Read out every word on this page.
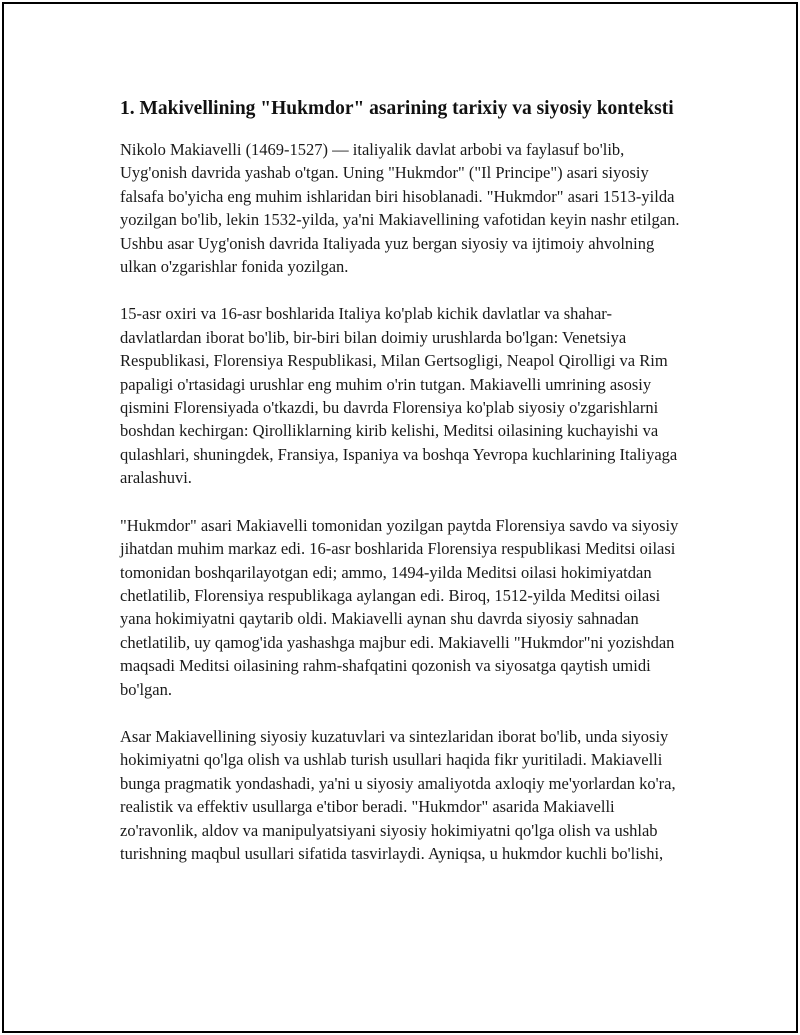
1. Makivellining "Hukmdor" asarining tarixiy va siyosiy konteksti

Nikolo Makiavelli (1469-1527) — italiyalik davlat arbobi va faylasuf bo'lib, Uyg'onish davrida yashab o'tgan. Uning "Hukmdor" ("Il Principe") asari siyosiy falsafa bo'yicha eng muhim ishlaridan biri hisoblanadi. "Hukmdor" asari 1513-yilda yozilgan bo'lib, lekin 1532-yilda, ya'ni Makiavellining vafotidan keyin nashr etilgan. Ushbu asar Uyg'onish davrida Italiyada yuz bergan siyosiy va ijtimoiy ahvolning ulkan o'zgarishlar fonida yozilgan.

15-asr oxiri va 16-asr boshlarida Italiya ko'plab kichik davlatlar va shahar-davlatlardan iborat bo'lib, bir-biri bilan doimiy urushlarda bo'lgan: Venetsiya Respublikasi, Florensiya Respublikasi, Milan Gertsogligi, Neapol Qirolligi va Rim papaligi o'rtasidagi urushlar eng muhim o'rin tutgan. Makiavelli umrining asosiy qismini Florensiyada o'tkazdi, bu davrda Florensiya ko'plab siyosiy o'zgarishlarni boshdan kechirgan: Qirolliklarning kirib kelishi, Meditsi oilasining kuchayishi va qulashlari, shuningdek, Fransiya, Ispaniya va boshqa Yevropa kuchlarining Italiyaga aralashuvi.

"Hukmdor" asari Makiavelli tomonidan yozilgan paytda Florensiya savdo va siyosiy jihatdan muhim markaz edi. 16-asr boshlarida Florensiya respublikasi Meditsi oilasi tomonidan boshqarilayotgan edi; ammo, 1494-yilda Meditsi oilasi hokimiyatdan chetlatilib, Florensiya respublikaga aylangan edi. Biroq, 1512-yilda Meditsi oilasi yana hokimiyatni qaytarib oldi. Makiavelli aynan shu davrda siyosiy sahnadan chetlatilib, uy qamog'ida yashashga majbur edi. Makiavelli "Hukmdor"ni yozishdan maqsadi Meditsi oilasining rahm-shafqatini qozonish va siyosatga qaytish umidi bo'lgan.

Asar Makiavellining siyosiy kuzatuvlari va sintezlaridan iborat bo'lib, unda siyosiy hokimiyatni qo'lga olish va ushlab turish usullari haqida fikr yuritiladi. Makiavelli bunga pragmatik yondashadi, ya'ni u siyosiy amaliyotda axloqiy me'yorlardan ko'ra, realistik va effektiv usullarga e'tibor beradi. "Hukmdor" asarida Makiavelli zo'ravonlik, aldov va manipulyatsiyani siyosiy hokimiyatni qo'lga olish va ushlab turishning maqbul usullari sifatida tasvirlaydi. Ayniqsa, u hukmdor kuchli bo'lishi,
